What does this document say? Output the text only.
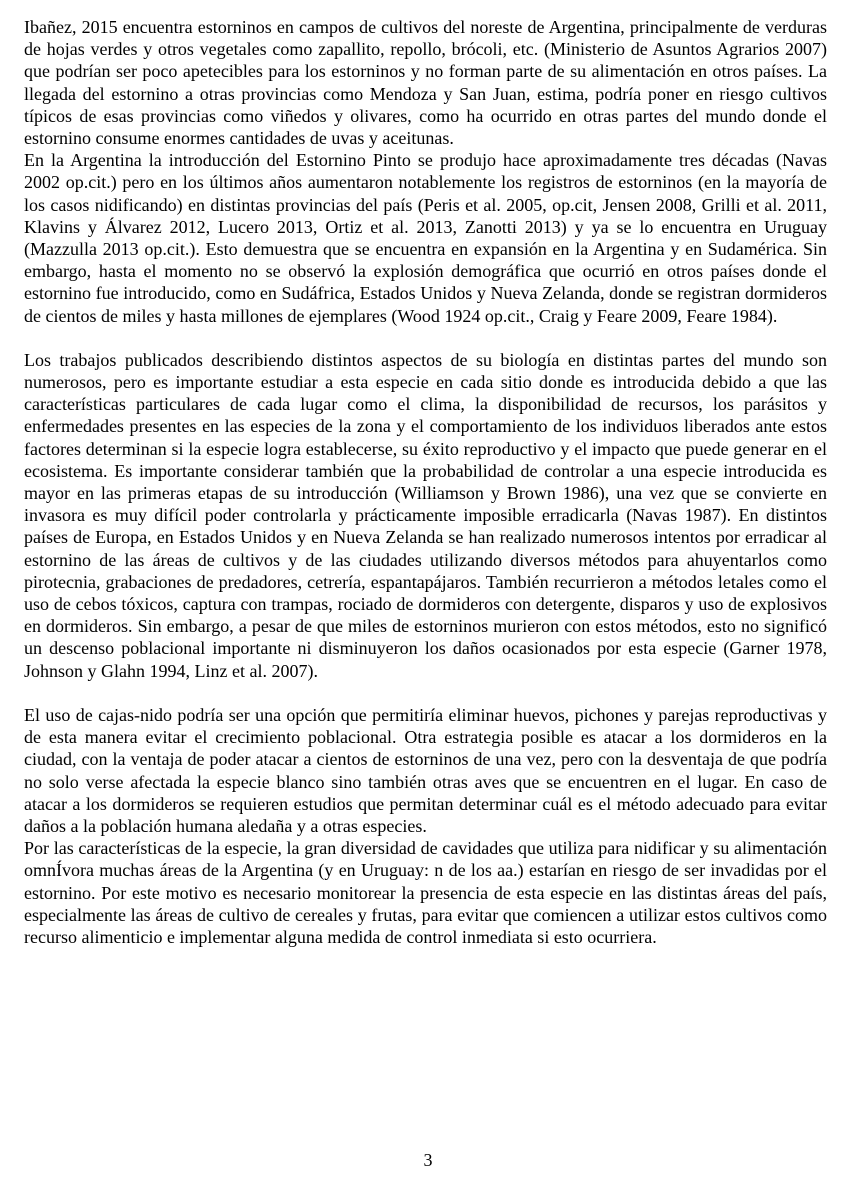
Ibañez, 2015 encuentra estorninos en campos de cultivos del noreste de Argentina, principalmente de verduras de hojas verdes y otros vegetales como zapallito, repollo, brócoli, etc. (Ministerio de Asuntos Agrarios 2007) que podrían ser poco apetecibles para los estorninos y no forman parte de su alimentación en otros países. La llegada del estornino a otras provincias como Mendoza y San Juan, estima, podría poner en riesgo cultivos típicos de esas provincias como viñedos y olivares, como ha ocurrido en otras partes del mundo donde el estornino consume enormes cantidades de uvas y aceitunas.

En la Argentina la introducción del Estornino Pinto se produjo hace aproximadamente tres décadas (Navas 2002 op.cit.) pero en los últimos años aumentaron notablemente los registros de estorninos (en la mayoría de los casos nidificando) en distintas provincias del país (Peris et al. 2005, op.cit, Jensen 2008, Grilli et al. 2011, Klavins y Álvarez 2012, Lucero 2013, Ortiz et al. 2013, Zanotti 2013) y ya se lo encuentra en Uruguay (Mazzulla 2013 op.cit.). Esto demuestra que se encuentra en expansión en la Argentina y en Sudamérica. Sin embargo, hasta el momento no se observó la explosión demográfica que ocurrió en otros países donde el estornino fue introducido, como en Sudáfrica, Estados Unidos y Nueva Zelanda, donde se registran dormideros de cientos de miles y hasta millones de ejemplares (Wood 1924 op.cit., Craig y Feare 2009, Feare 1984).

Los trabajos publicados describiendo distintos aspectos de su biología en distintas partes del mundo son numerosos, pero es importante estudiar a esta especie en cada sitio donde es introducida debido a que las características particulares de cada lugar como el clima, la disponibilidad de recursos, los parásitos y enfermedades presentes en las especies de la zona y el comportamiento de los individuos liberados ante estos factores determinan si la especie logra establecerse, su éxito reproductivo y el impacto que puede generar en el ecosistema. Es importante considerar también que la probabilidad de controlar a una especie introducida es mayor en las primeras etapas de su introducción (Williamson y Brown 1986), una vez que se convierte en invasora es muy difícil poder controlarla y prácticamente imposible erradicarla (Navas 1987). En distintos países de Europa, en Estados Unidos y en Nueva Zelanda se han realizado numerosos intentos por erradicar al estornino de las áreas de cultivos y de las ciudades utilizando diversos métodos para ahuyentarlos como pirotecnia, grabaciones de predadores, cetrería, espantapájaros. También recurrieron a métodos letales como el uso de cebos tóxicos, captura con trampas, rociado de dormideros con detergente, disparos y uso de explosivos en dormideros. Sin embargo, a pesar de que miles de estorninos murieron con estos métodos, esto no significó un descenso poblacional importante ni disminuyeron los daños ocasionados por esta especie (Garner 1978, Johnson y Glahn 1994, Linz et al. 2007).

El uso de cajas-nido podría ser una opción que permitiría eliminar huevos, pichones y parejas reproductivas y de esta manera evitar el crecimiento poblacional. Otra estrategia posible es atacar a los dormideros en la ciudad, con la ventaja de poder atacar a cientos de estorninos de una vez, pero con la desventaja de que podría no solo verse afectada la especie blanco sino también otras aves que se encuentren en el lugar. En caso de atacar a los dormideros se requieren estudios que permitan determinar cuál es el método adecuado para evitar daños a la población humana aledaña y a otras especies.

Por las características de la especie, la gran diversidad de cavidades que utiliza para nidificar y su alimentación omnÍvora muchas áreas de la Argentina (y en Uruguay: n de los aa.) estarían en riesgo de ser invadidas por el estornino. Por este motivo es necesario monitorear la presencia de esta especie en las distintas áreas del país, especialmente las áreas de cultivo de cereales y frutas, para evitar que comiencen a utilizar estos cultivos como recurso alimenticio e implementar alguna medida de control inmediata si esto ocurriera.

3
